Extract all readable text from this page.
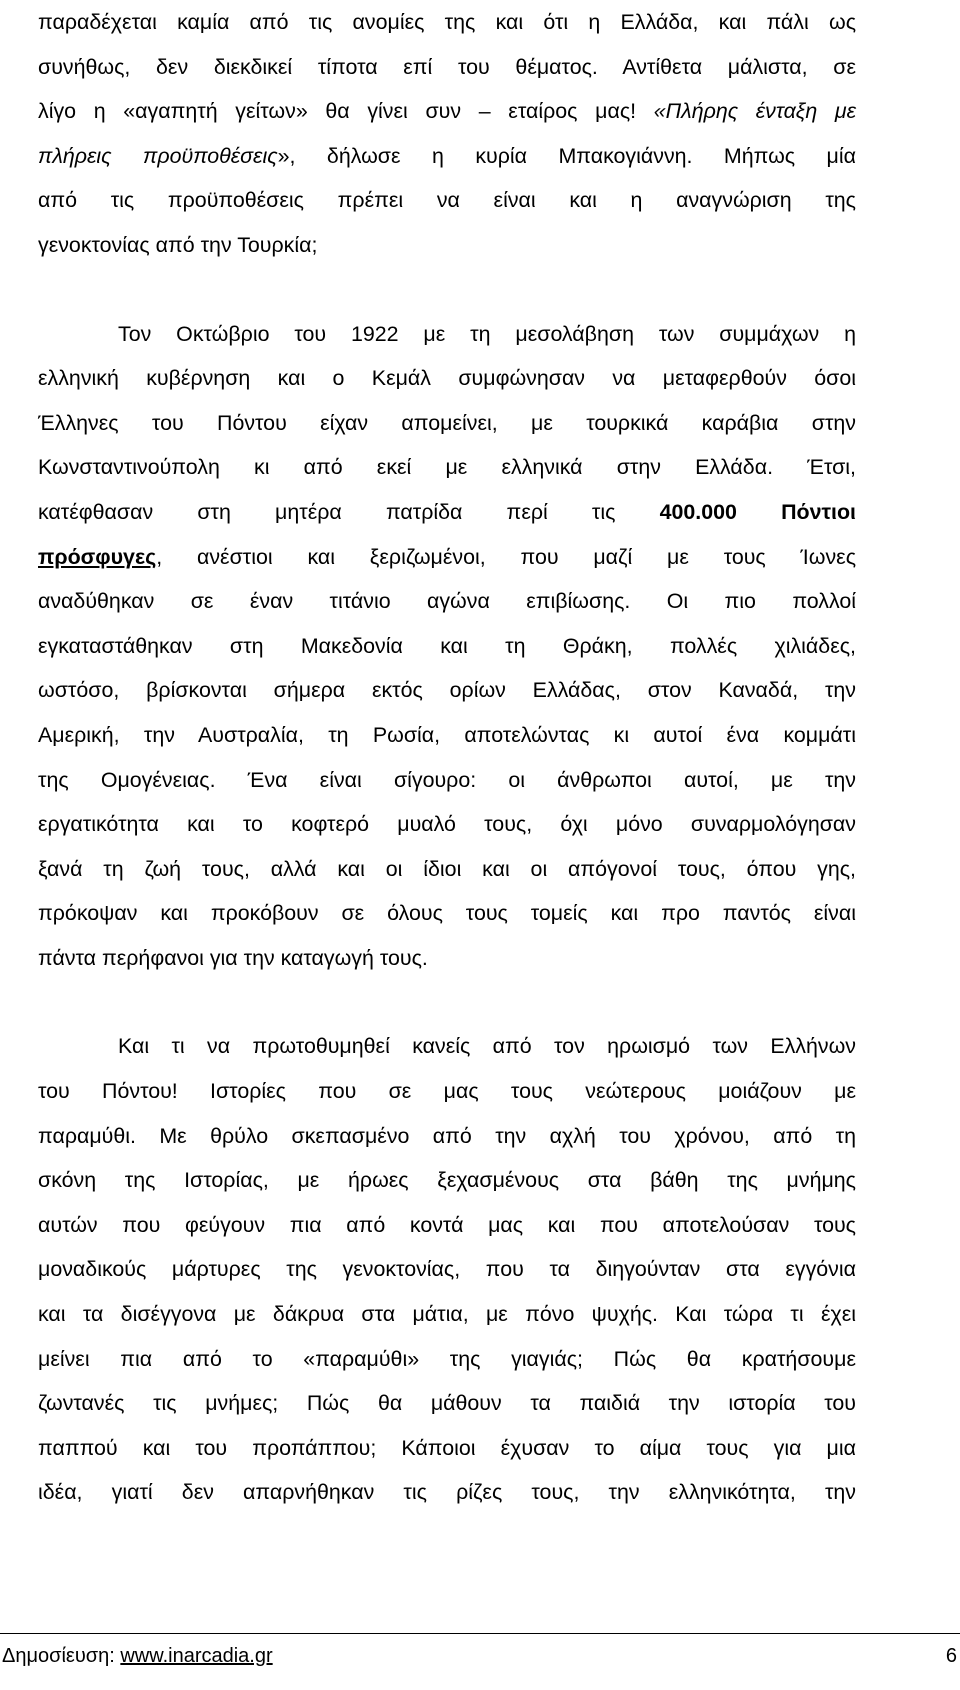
παραδέχεται καμία από τις ανομίες της και ότι η Ελλάδα, και πάλι ως
συνήθως, δεν διεκδικεί τίποτα επί του θέματος. Αντίθετα μάλιστα, σε
λίγο η «αγαπητή γείτων» θα γίνει συν – εταίρος μας! «Πλήρης ένταξη με
πλήρεις προϋποθέσεις», δήλωσε η κυρία Μπακογιάννη. Μήπως μία
από τις προϋποθέσεις πρέπει να είναι και η αναγνώριση της
γενοκτονίας από την Τουρκία;
Τον Οκτώβριο του 1922 με τη μεσολάβηση των συμμάχων η
ελληνική κυβέρνηση και ο Κεμάλ συμφώνησαν να μεταφερθούν όσοι
Έλληνες του Πόντου είχαν απομείνει, με τουρκικά καράβια στην
Κωνσταντινούπολη κι από εκεί με ελληνικά στην Ελλάδα. Έτσι,
κατέφθασαν στη μητέρα πατρίδα περί τις 400.000 Πόντιοι
πρόσφυγες, ανέστιοι και ξεριζωμένοι, που μαζί με τους Ίωνες
αναδύθηκαν σε έναν τιτάνιο αγώνα επιβίωσης. Οι πιο πολλοί
εγκαταστάθηκαν στη Μακεδονία και τη Θράκη, πολλές χιλιάδες,
ωστόσο, βρίσκονται σήμερα εκτός ορίων Ελλάδας, στον Καναδά, την
Αμερική, την Αυστραλία, τη Ρωσία, αποτελώντας κι αυτοί ένα κομμάτι
της Ομογένειας. Ένα είναι σίγουρο: οι άνθρωποι αυτοί, με την
εργατικότητα και το κοφτερό μυαλό τους, όχι μόνο συναρμολόγησαν
ξανά τη ζωή τους, αλλά και οι ίδιοι και οι απόγονοί τους, όπου γης,
πρόκοψαν και προκόβουν σε όλους τους τομείς και προ παντός είναι
πάντα περήφανοι για την καταγωγή τους.
Και τι να πρωτοθυμηθεί κανείς από τον ηρωισμό των Ελλήνων
του Πόντου! Ιστορίες που σε μας τους νεώτερους μοιάζουν με
παραμύθι. Με θρύλο σκεπασμένο από την αχλή του χρόνου, από τη
σκόνη της Ιστορίας, με ήρωες ξεχασμένους στα βάθη της μνήμης
αυτών που φεύγουν πια από κοντά μας και που αποτελούσαν τους
μοναδικούς μάρτυρες της γενοκτονίας, που τα διηγούνταν στα εγγόνια
και τα δισέγγονα με δάκρυα στα μάτια, με πόνο ψυχής. Και τώρα τι έχει
μείνει πια από το «παραμύθι» της γιαγιάς; Πώς θα κρατήσουμε
ζωντανές τις μνήμες; Πώς θα μάθουν τα παιδιά την ιστορία του
παππού και του προπάππου; Κάποιοι έχυσαν το αίμα τους για μια
ιδέα, γιατί δεν απαρνήθηκαν τις ρίζες τους, την ελληνικότητα, την
Δημοσίευση: www.inarcadia.gr	6
